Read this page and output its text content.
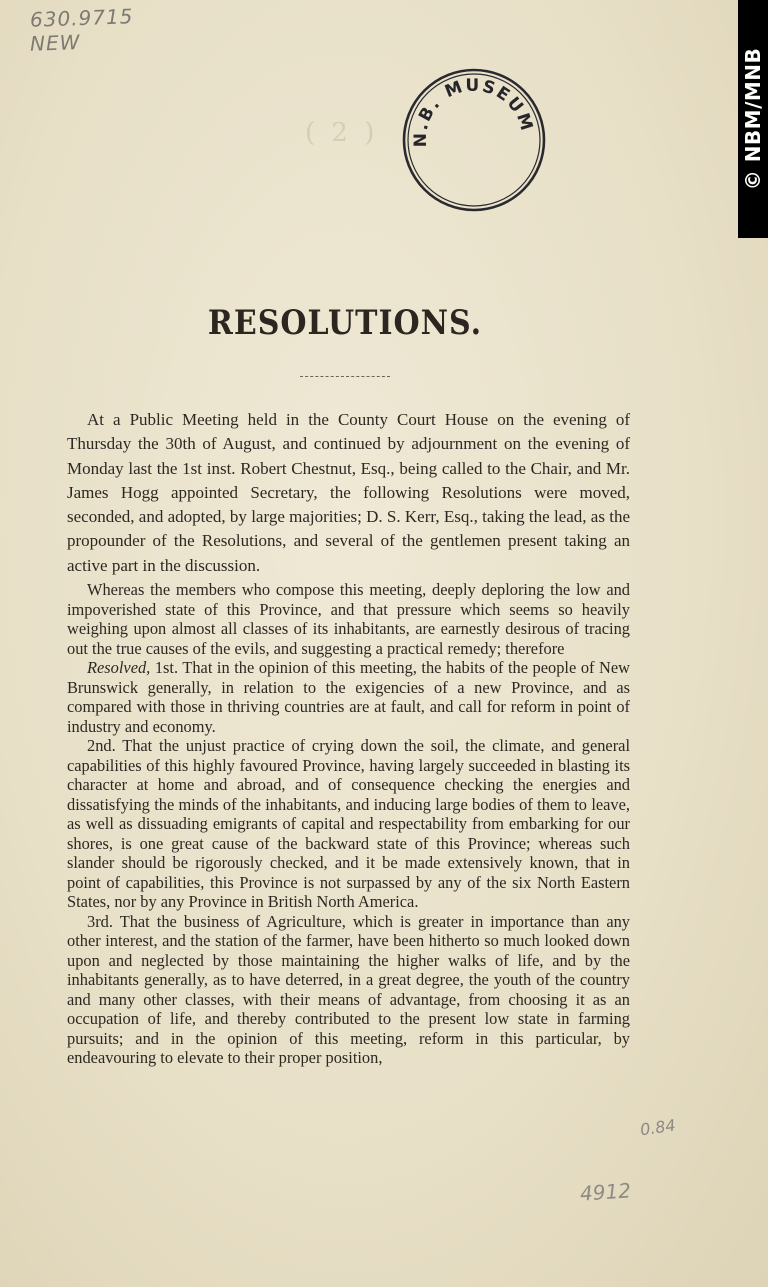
630.9715
NEW
( 2 ) N.B. MUSEUM	© NBM/MNB
RESOLUTIONS.

At a Public Meeting held in the County Court House on the evening of Thursday the 30th of August, and continued by adjournment on the evening of Monday last the 1st inst. Robert Chestnut, Esq., being called to the Chair, and Mr. James Hogg appointed Secretary, the following Resolutions were moved, seconded, and adopted, by large majorities; D. S. Kerr, Esq., taking the lead, as the propounder of the Resolutions, and several of the gentlemen present taking an active part in the discussion.

Whereas the members who compose this meeting, deeply deploring the low and impoverished state of this Province, and that pressure which seems so heavily weighing upon almost all classes of its inhabitants, are earnestly desirous of tracing out the true causes of the evils, and suggesting a practical remedy; therefore

Resolved, 1st. That in the opinion of this meeting, the habits of the people of New Brunswick generally, in relation to the exigencies of a new Province, and as compared with those in thriving countries are at fault, and call for reform in point of industry and economy.

2nd. That the unjust practice of crying down the soil, the climate, and general capabilities of this highly favoured Province, having largely succeeded in blasting its character at home and abroad, and of consequence checking the energies and dissatisfying the minds of the inhabitants, and inducing large bodies of them to leave, as well as dissuading emigrants of capital and respectability from embarking for our shores, is one great cause of the backward state of this Province; whereas such slander should be rigorously checked, and it be made extensively known, that in point of capabilities, this Province is not surpassed by any of the six North Eastern States, nor by any Province in British North America.

3rd. That the business of Agriculture, which is greater in importance than any other interest, and the station of the farmer, have been hitherto so much looked down upon and neglected by those maintaining the higher walks of life, and by the inhabitants generally, as to have deterred, in a great degree, the youth of the country and many other classes, with their means of advantage, from choosing it as an occupation of life, and thereby contributed to the present low state in farming pursuits; and in the opinion of this meeting, reform in this particular, by endeavouring to elevate to their proper position,

0.84
4912
